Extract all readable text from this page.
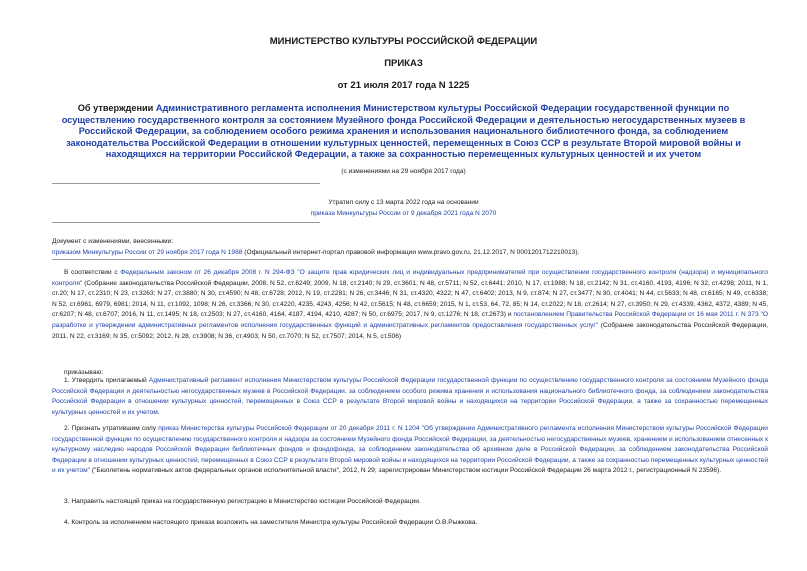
МИНИСТЕРСТВО КУЛЬТУРЫ РОССИЙСКОЙ ФЕДЕРАЦИИ
ПРИКАЗ
от 21 июля 2017 года N 1225
Об утверждении Административного регламента исполнения Министерством культуры Российской Федерации государственной функции по осуществлению государственного контроля за состоянием Музейного фонда Российской Федерации и деятельностью негосударственных музеев в Российской Федерации, за соблюдением особого режима хранения и использования национального библиотечного фонда, за соблюдением законодательства Российской Федерации в отношении культурных ценностей, перемещенных в Союз ССР в результате Второй мировой войны и находящихся на территории Российской Федерации, а также за сохранностью перемещенных культурных ценностей и их учетом
(с изменениями на 29 ноября 2017 года)
Утратил силу с 13 марта 2022 года на основании
приказа Минкультуры России от 9 декабря 2021 года N 2070
Документ с изменениями, внесенными:
приказом Минкультуры России от 29 ноября 2017 года N 1988 (Официальный интернет-портал правовой информации www.pravo.gov.ru, 21.12.2017, N 0001201712210013).
В соответствии с Федеральным законом от 26 декабря 2008 г. N 294-ФЗ "О защите прав юридических лиц и индивидуальных предпринимателей при осуществлении государственного контроля (надзора) и муниципального контроля" (Собрание законодательства Российской Федерации, 2008, N 52, ст.6249; 2009, N 18, ст.2140; N 29, ст.3601; N 48, ст.5711; N 52, ст.6441; 2010, N 17, ст.1988; N 18, ст.2142; N 31, ст.4160, 4193, 4196; N 32, ст.4298; 2011, N 1, ст.20; N 17, ст.2310; N 23, ст.3263; N 27, ст.3880; N 30, ст.4590; N 48, ст.6728; 2012, N 19, ст.2281; N 26, ст.3446; N 31, ст.4320, 4322; N 47, ст.6402; 2013, N 9, ст.874; N 27, ст.3477; N 30, ст.4041; N 44, ст.5633; N 48, ст.6165; N 49, ст.6338; N 52, ст.6961, 6979, 6981; 2014, N 11, ст.1092, 1098; N 26, ст.3366; N 30, ст.4220, 4235, 4243, 4256; N 42, ст.5615; N 48, ст.6659; 2015, N 1, ст.53, 64, 72, 85; N 14, ст.2022; N 18, ст.2614; N 27, ст.3950; N 29, ст.4339, 4362, 4372, 4389; N 45, ст.6207; N 48, ст.6707; 2016, N 11, ст.1495; N 18, ст.2503; N 27, ст.4160, 4164, 4187, 4194, 4210, 4287; N 50, ст.6975; 2017, N 9, ст.1276; N 18, ст.2673) и постановлением Правительства Российской Федерации от 16 мая 2011 г. N 373 "О разработке и утверждении административных регламентов исполнения государственных функций и административных регламентов предоставления государственных услуг" (Собрание законодательства Российской Федерации, 2011, N 22, ст.3169; N 35, ст.5092; 2012, N 28, ст.3908; N 36, ст.4903; N 50, ст.7070; N 52, ст.7507; 2014, N 5, ст.506)
приказываю:
1. Утвердить прилагаемый Административный регламент исполнения Министерством культуры Российской Федерации государственной функции по осуществлению государственного контроля за состоянием Музейного фонда Российской Федерации и деятельностью негосударственных музеев в Российской Федерации, за соблюдением особого режима хранения и использования национального библиотечного фонда, за соблюдением законодательства Российской Федерации в отношении культурных ценностей, перемещенных в Союз ССР в результате Второй мировой войны и находящихся на территории Российской Федерации, а также за сохранностью перемещенных культурных ценностей и их учетом.
2. Признать утратившим силу приказ Министерства культуры Российской Федерации от 20 декабря 2011 г. N 1204 "Об утверждении Административного регламента исполнения Министерством культуры Российской Федерации государственной функции по осуществлению государственного контроля и надзора за состоянием Музейного фонда Российской Федерации, за деятельностью негосударственных музеев, хранением и использованием отнесенных к культурному наследию народов Российской Федерации библиотечных фондов и фондофонда, за соблюдением законодательства об архивном деле в Российской Федерации, за соблюдением законодательства Российской Федерации в отношении культурных ценностей, перемещенных в Союз ССР в результате Второй мировой войны и находящихся на территории Российской Федерации, а также за сохранностью перемещенных культурных ценностей и их учетом" ("Бюллетень нормативных актов федеральных органов исполнительной власти", 2012, N 29; зарегистрирован Министерством юстиции Российской Федерации 26 марта 2012 г., регистрационный N 23596).
3. Направить настоящий приказ на государственную регистрацию в Министерство юстиции Российской Федерации.
4. Контроль за исполнением настоящего приказа возложить на заместителя Министра культуры Российской Федерации О.В.Рыжкова.
